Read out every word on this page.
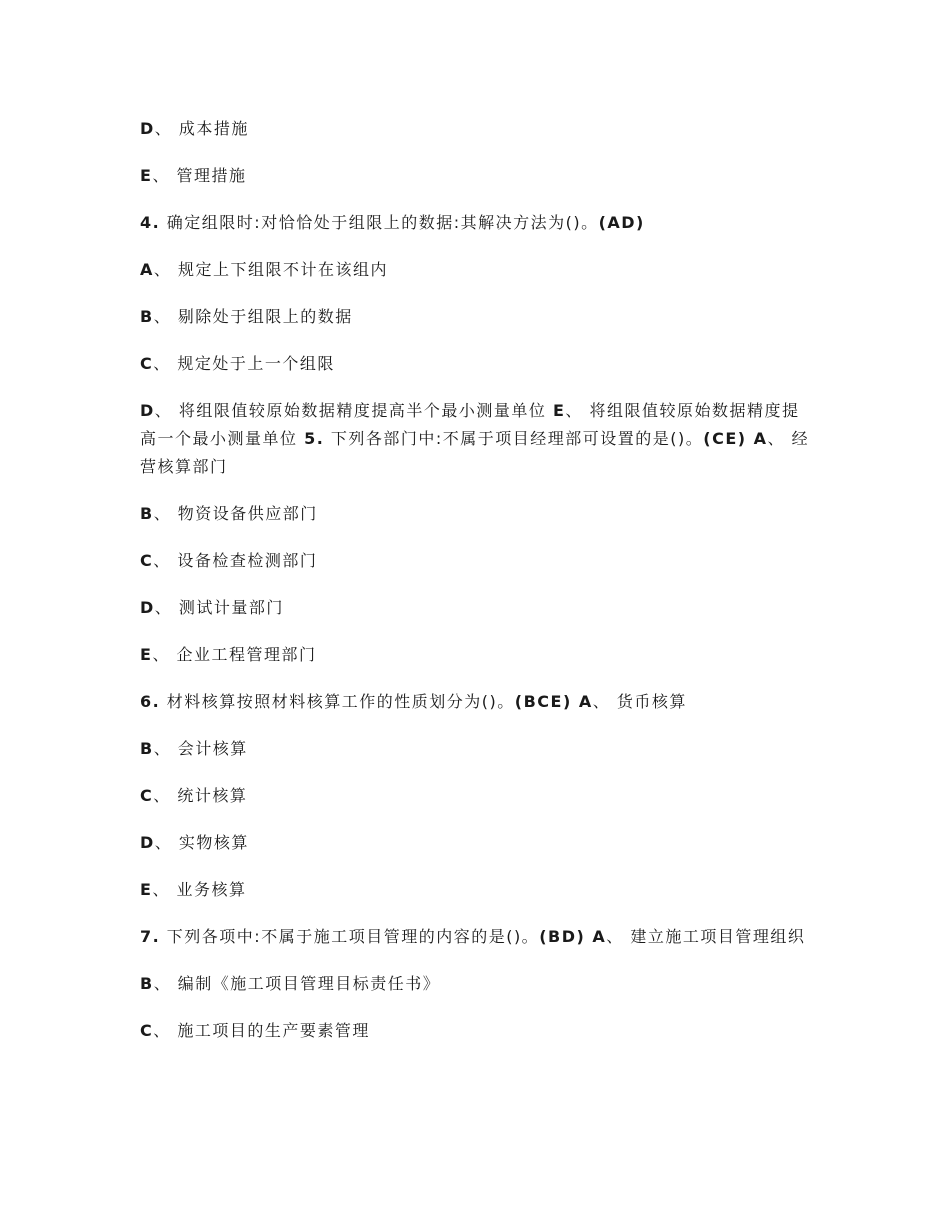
D、 成本措施
E、 管理措施
4. 确定组限时:对恰恰处于组限上的数据:其解决方法为()。(AD)
A、 规定上下组限不计在该组内
B、 剔除处于组限上的数据
C、 规定处于上一个组限
D、 将组限值较原始数据精度提高半个最小测量单位 E、 将组限值较原始数据精度提高一个最小测量单位 5. 下列各部门中:不属于项目经理部可设置的是()。(CE) A、 经营核算部门
B、 物资设备供应部门
C、 设备检查检测部门
D、 测试计量部门
E、 企业工程管理部门
6. 材料核算按照材料核算工作的性质划分为()。(BCE) A、 货币核算
B、 会计核算
C、 统计核算
D、 实物核算
E、 业务核算
7. 下列各项中:不属于施工项目管理的内容的是()。(BD) A、 建立施工项目管理组织
B、 编制《施工项目管理目标责任书》
C、 施工项目的生产要素管理
